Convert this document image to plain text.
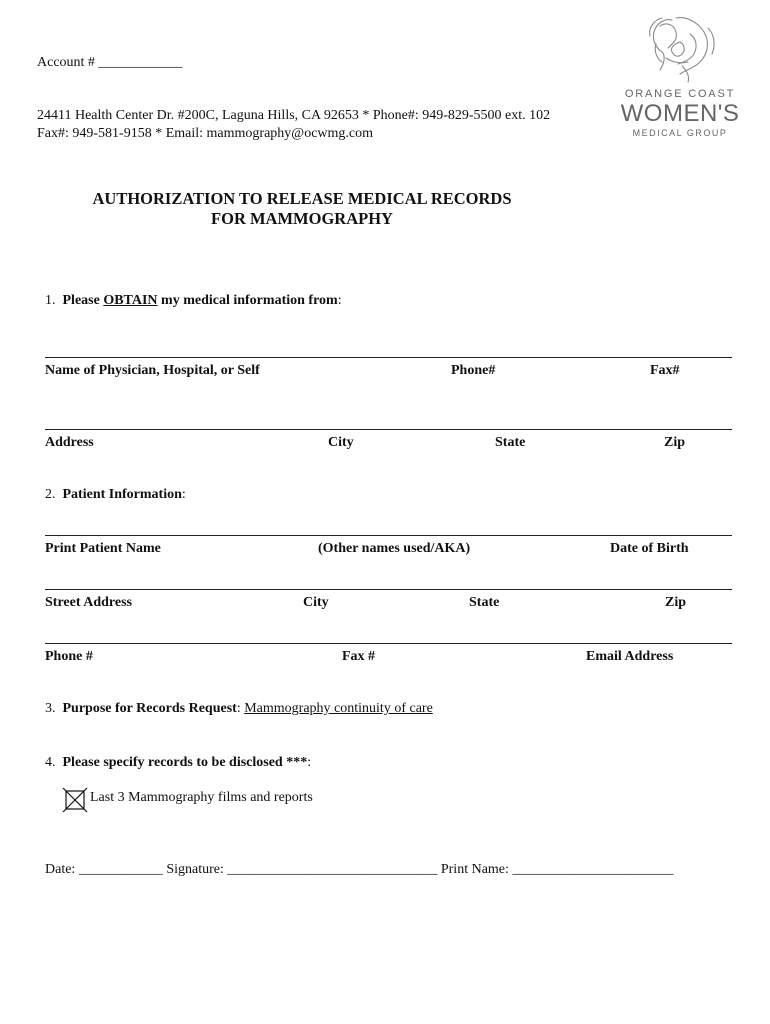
Account # ____________
24411 Health Center Dr. #200C, Laguna Hills, CA 92653 * Phone#: 949-829-5500 ext. 102
Fax#: 949-581-9158 * Email: mammography@ocwmg.com
ORANGE COAST
WOMEN'S
MEDICAL GROUP
AUTHORIZATION TO RELEASE MEDICAL RECORDS
FOR MAMMOGRAPHY
1. Please OBTAIN my medical information from:
Name of Physician, Hospital, or Self	Phone#	Fax#
Address	City	State	Zip
2. Patient Information:
Print Patient Name	(Other names used/AKA)	Date of Birth
Street Address	City	State	Zip
Phone #	Fax #	Email Address
3. Purpose for Records Request: Mammography continuity of care
4. Please specify records to be disclosed ***:
Last 3 Mammography films and reports
Date: ____________ Signature: ______________________________ Print Name: _______________________
